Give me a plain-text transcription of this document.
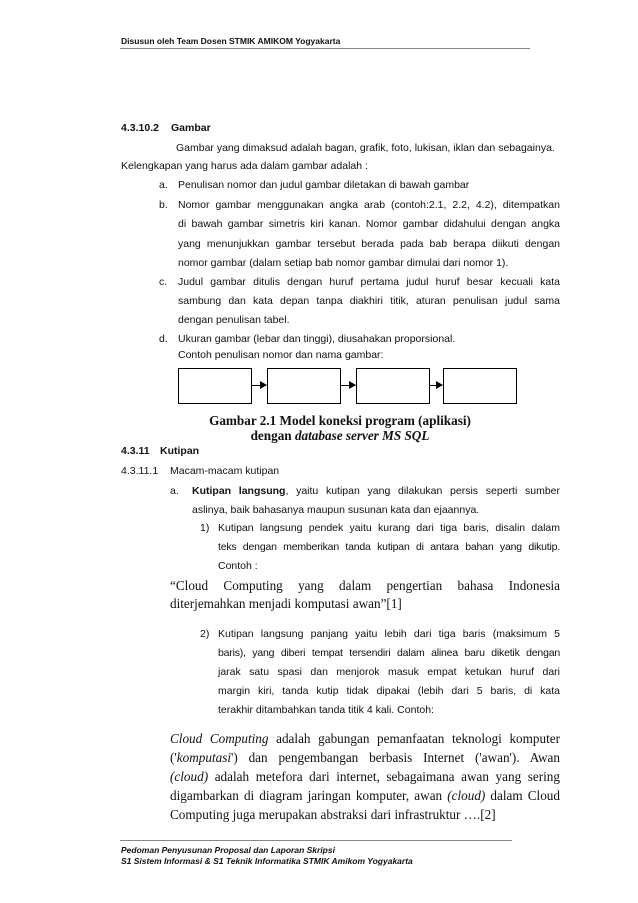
Disusun oleh Team Dosen STMIK AMIKOM Yogyakarta
4.3.10.2 Gambar
Gambar yang dimaksud adalah bagan, grafik, foto, lukisan, iklan dan sebagainya.
Kelengkapan yang harus ada dalam gambar adalah :
a. Penulisan nomor dan judul gambar diletakan di bawah gambar
b. Nomor gambar menggunakan angka arab (contoh:2.1, 2.2, 4.2), ditempatkan
di bawah gambar simetris kiri kanan. Nomor gambar didahului dengan angka
yang menunjukkan gambar tersebut berada pada bab berapa diikuti dengan
nomor gambar (dalam setiap bab nomor gambar dimulai dari nomor 1).
c. Judul gambar ditulis dengan huruf pertama judul huruf besar kecuali kata
sambung dan kata depan tanpa diakhiri titik, aturan penulisan judul sama
dengan penulisan tabel.
d. Ukuran gambar (lebar dan tinggi), diusahakan proporsional.
Contoh penulisan nomor dan nama gambar:
Gambar 2.1 Model koneksi program (aplikasi)
dengan database server MS SQL
4.3.11 Kutipan
4.3.11.1 Macam-macam kutipan
a. Kutipan langsung, yaitu kutipan yang dilakukan persis seperti sumber
aslinya, baik bahasanya maupun susunan kata dan ejaannya.
1) Kutipan langsung pendek yaitu kurang dari tiga baris, disalin dalam
teks dengan memberikan tanda kutipan di antara bahan yang dikutip.
Contoh :
“Cloud Computing yang dalam pengertian bahasa Indonesia
diterjemahkan menjadi komputasi awan”[1]
2) Kutipan langsung panjang yaitu lebih dari tiga baris (maksimum 5
baris), yang diberi tempat tersendiri dalam alinea baru diketik dengan
jarak satu spasi dan menjorok masuk empat ketukan huruf dari
margin kiri, tanda kutip tidak dipakai (lebih dari 5 baris, di kata
terakhir ditambahkan tanda titik 4 kali. Contoh:
Cloud Computing adalah gabungan pemanfaatan teknologi komputer
('komputasi') dan pengembangan berbasis Internet ('awan'). Awan
(cloud) adalah metefora dari internet, sebagaimana awan yang sering
digambarkan di diagram jaringan komputer, awan (cloud) dalam Cloud
Computing juga merupakan abstraksi dari infrastruktur ….[2]
Pedoman Penyusunan Proposal dan Laporan Skripsi
S1 Sistem Informasi & S1 Teknik Informatika STMIK Amikom Yogyakarta
